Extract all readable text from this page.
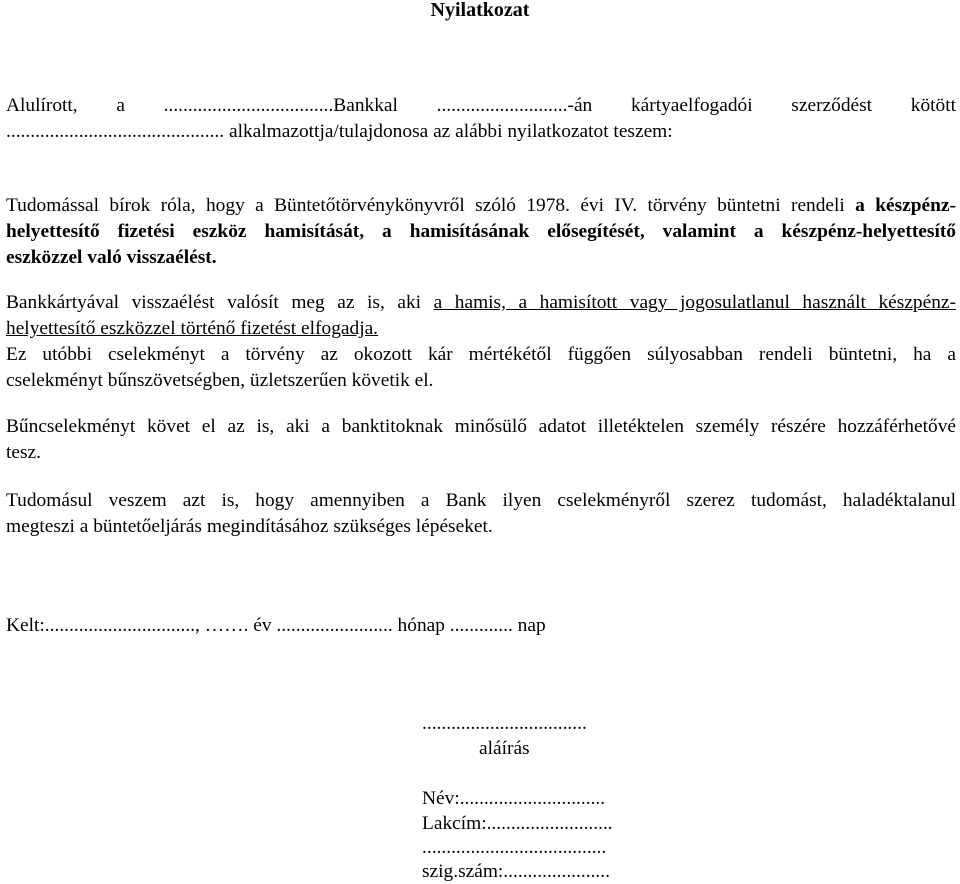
Nyilatkozat
Alulírott, a ...................................Bankkal ...........................-án kártyaelfogadói szerződést kötött
............................................. alkalmazottja/tulajdonosa az alábbi nyilatkozatot teszem:
Tudomással bírok róla, hogy a Büntetőtörvénykönyvről szóló 1978. évi IV. törvény büntetni rendeli a készpénz-
helyettesítő fizetési eszköz hamisítását, a hamisításának elősegítését, valamint a készpénz-helyettesítő
eszközzel való visszaélést.
Bankkártyával visszaélést valósít meg az is, aki a hamis, a hamisított vagy jogosulatlanul használt készpénz-
helyettesítő eszközzel történő fizetést elfogadja.
Ez utóbbi cselekményt a törvény az okozott kár mértékétől függően súlyosabban rendeli büntetni, ha a
cselekményt bűnszövetségben, üzletszerűen követik el.
Bűncselekményt követ el az is, aki a banktitoknak minősülő adatot illetéktelen személy részére hozzáférhetővé
tesz.
Tudomásul veszem azt is, hogy amennyiben a Bank ilyen cselekményről szerez tudomást, haladéktalanul
megteszi a büntetőeljárás megindításához szükséges lépéseket.
Kelt:..............................., ……. év ........................ hónap ............. nap
..................................
aláírás
Név:..............................
Lakcím:..........................
......................................
szig.szám:......................
